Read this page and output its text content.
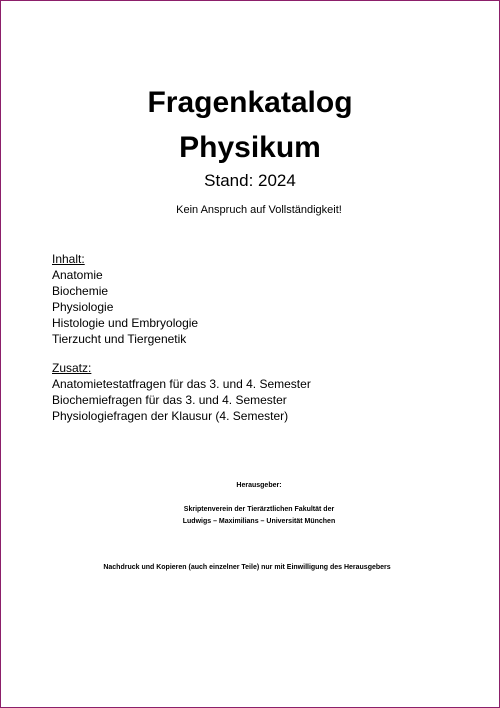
Fragenkatalog
Physikum
Stand: 2024
Kein Anspruch auf Vollständigkeit!
Inhalt:
Anatomie
Biochemie
Physiologie
Histologie und Embryologie
Tierzucht und Tiergenetik
Zusatz:
Anatomietestatfragen für das 3. und 4. Semester
Biochemiefragen für das 3. und 4. Semester
Physiologiefragen der Klausur (4. Semester)
Herausgeber:
Skriptenverein der Tierärztlichen Fakultät der
Ludwigs – Maximilians – Universität München
Nachdruck und Kopieren (auch einzelner Teile) nur mit Einwilligung des Herausgebers
